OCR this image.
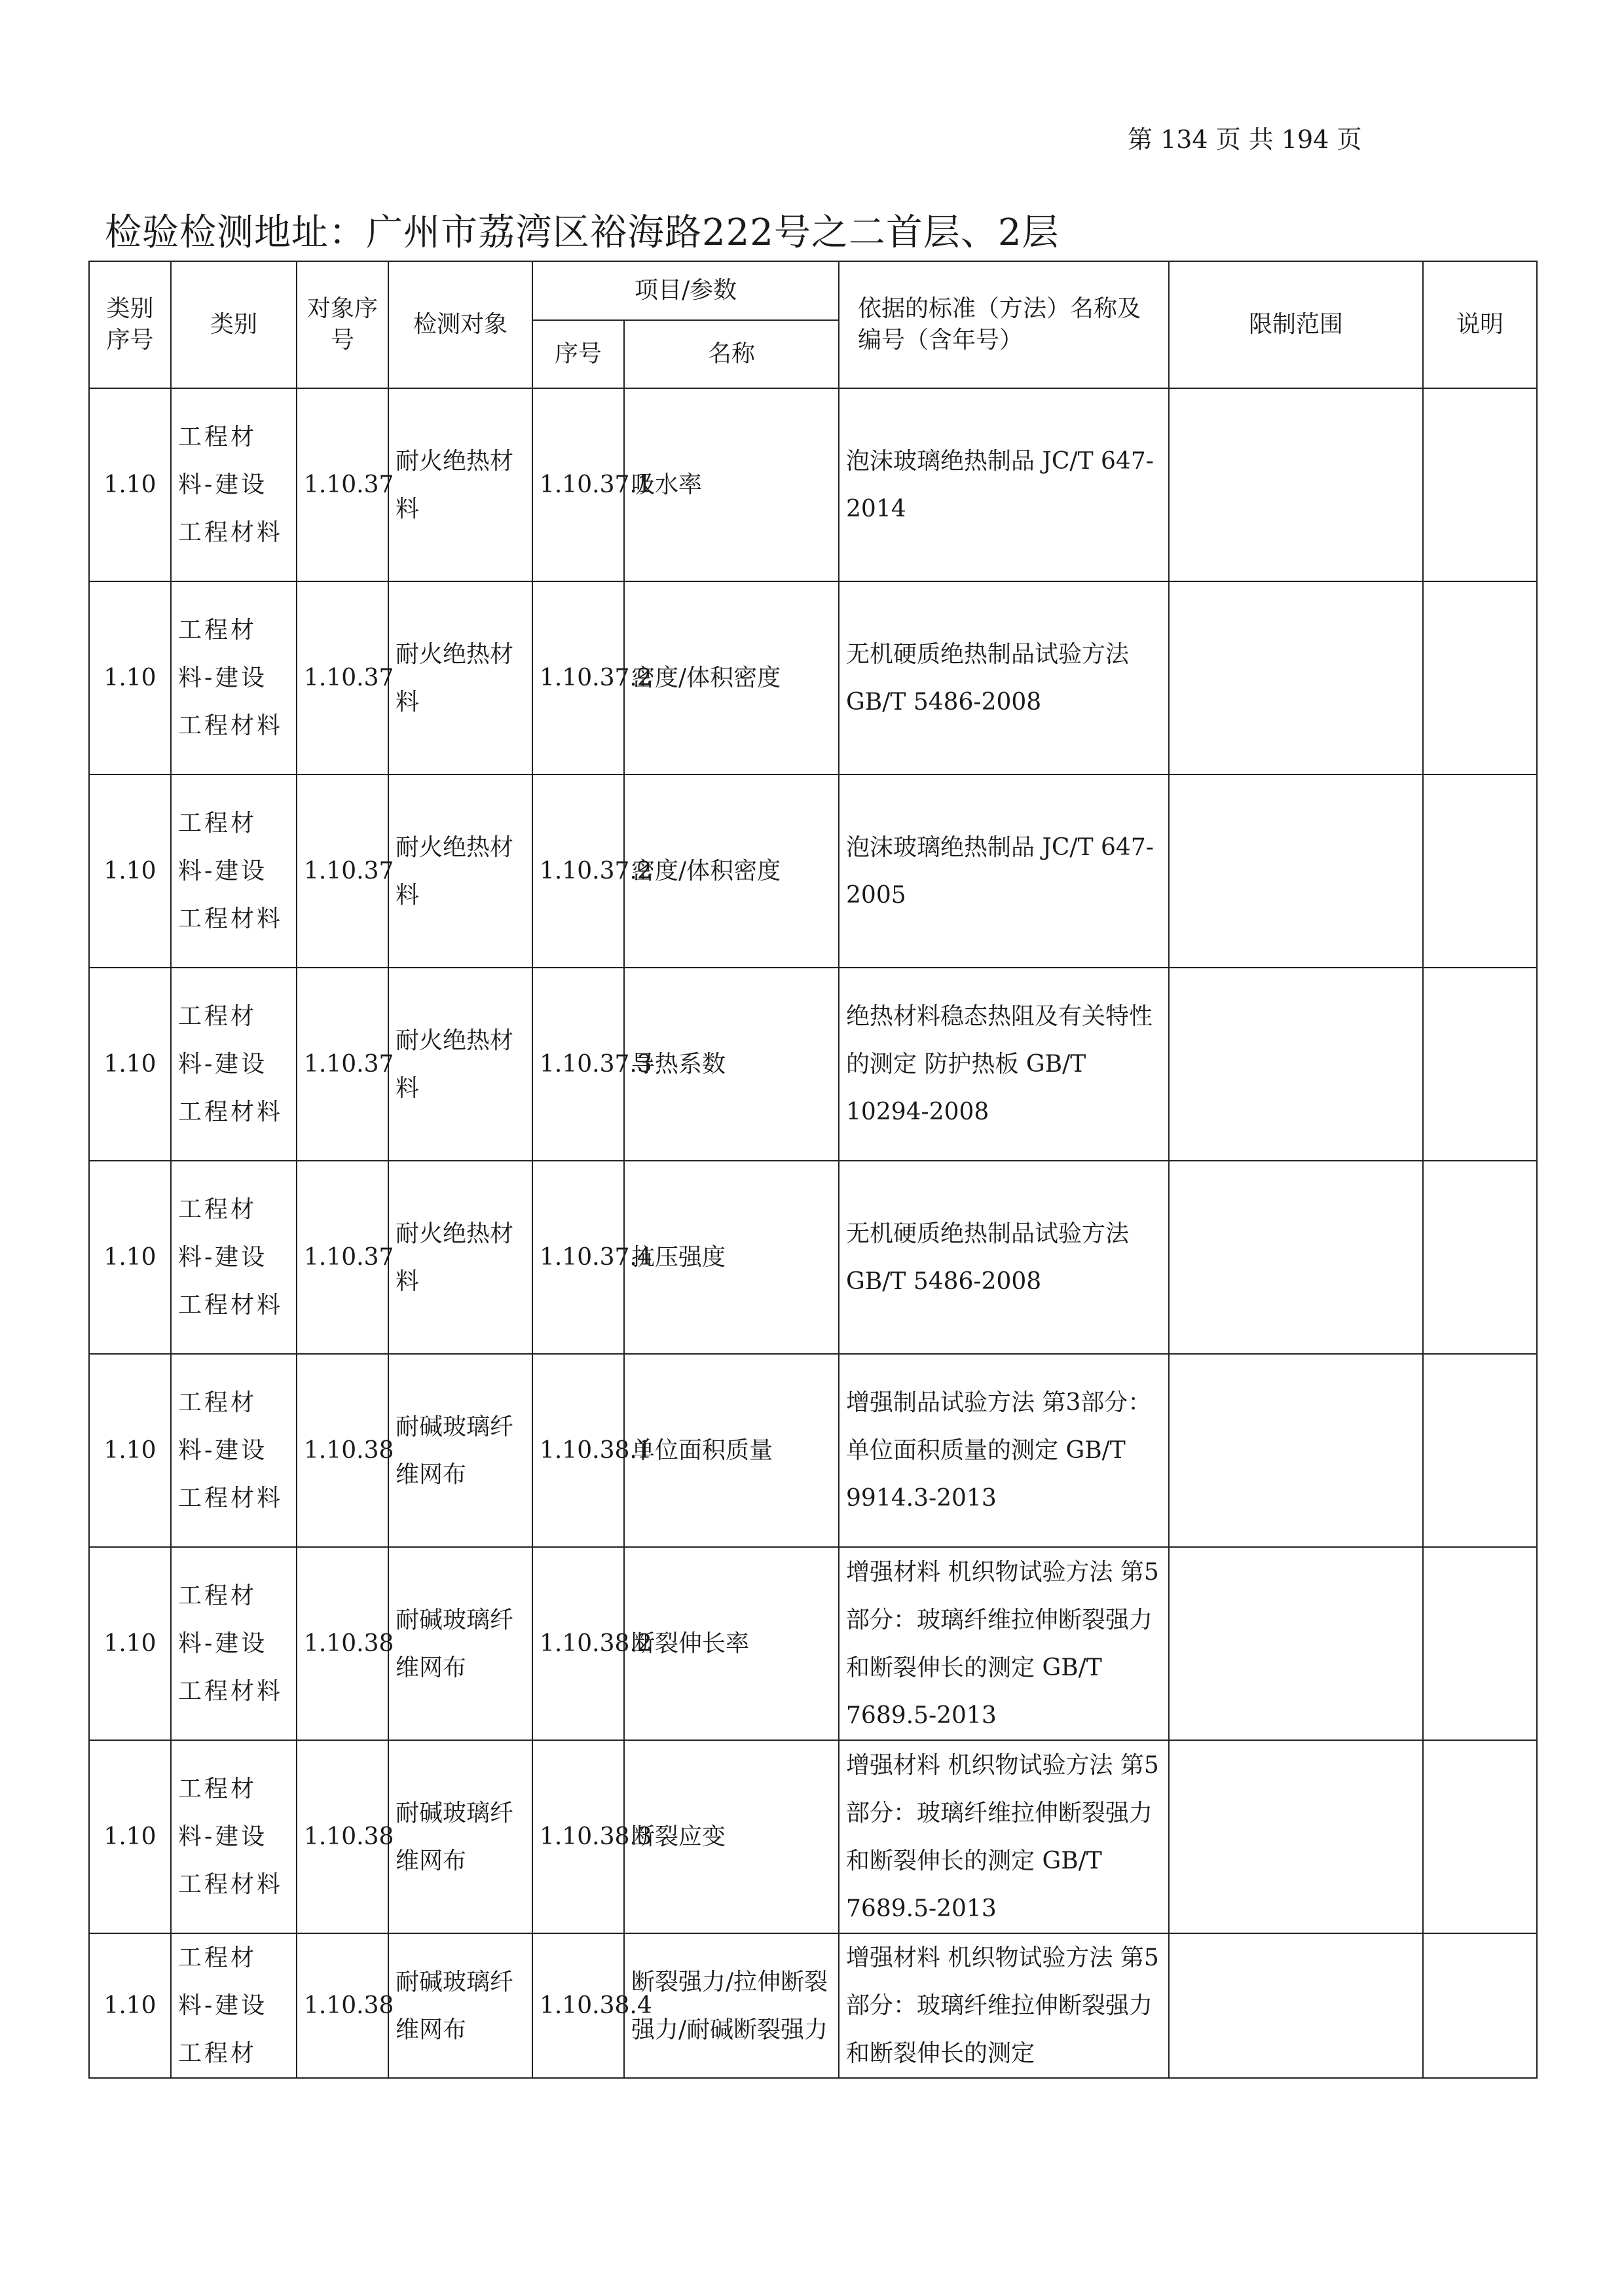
第 134 页 共 194 页
检验检测地址：广州市荔湾区裕海路222号之二首层、2层
类别序号	类别	对象序号	检测对象	项目/参数		依据的标准（方法）名称及编号（含年号）	限制范围	说明
				序号	名称			
1.10	工程材料-建设工程材料	1.10.37	耐火绝热材料	1.10.37.1	吸水率	泡沫玻璃绝热制品 JC/T 647-2014		
1.10	工程材料-建设工程材料	1.10.37	耐火绝热材料	1.10.37.2	密度/体积密度	无机硬质绝热制品试验方法 GB/T 5486-2008		
1.10	工程材料-建设工程材料	1.10.37	耐火绝热材料	1.10.37.2	密度/体积密度	泡沫玻璃绝热制品 JC/T 647-2005		
1.10	工程材料-建设工程材料	1.10.37	耐火绝热材料	1.10.37.3	导热系数	绝热材料稳态热阻及有关特性的测定 防护热板 GB/T 10294-2008		
1.10	工程材料-建设工程材料	1.10.37	耐火绝热材料	1.10.37.4	抗压强度	无机硬质绝热制品试验方法 GB/T 5486-2008		
1.10	工程材料-建设工程材料	1.10.38	耐碱玻璃纤维网布	1.10.38.1	单位面积质量	增强制品试验方法 第3部分：单位面积质量的测定 GB/T 9914.3-2013		
1.10	工程材料-建设工程材料	1.10.38	耐碱玻璃纤维网布	1.10.38.2	断裂伸长率	增强材料 机织物试验方法 第5部分：玻璃纤维拉伸断裂强力和断裂伸长的测定 GB/T 7689.5-2013		
1.10	工程材料-建设工程材料	1.10.38	耐碱玻璃纤维网布	1.10.38.3	断裂应变	增强材料 机织物试验方法 第5部分：玻璃纤维拉伸断裂强力和断裂伸长的测定 GB/T 7689.5-2013		
1.10	工程材料-建设工程材	1.10.38	耐碱玻璃纤维网布	1.10.38.4	断裂强力/拉伸断裂强力/耐碱断裂强力	增强材料 机织物试验方法 第5部分：玻璃纤维拉伸断裂强力和断裂伸长的测定		
